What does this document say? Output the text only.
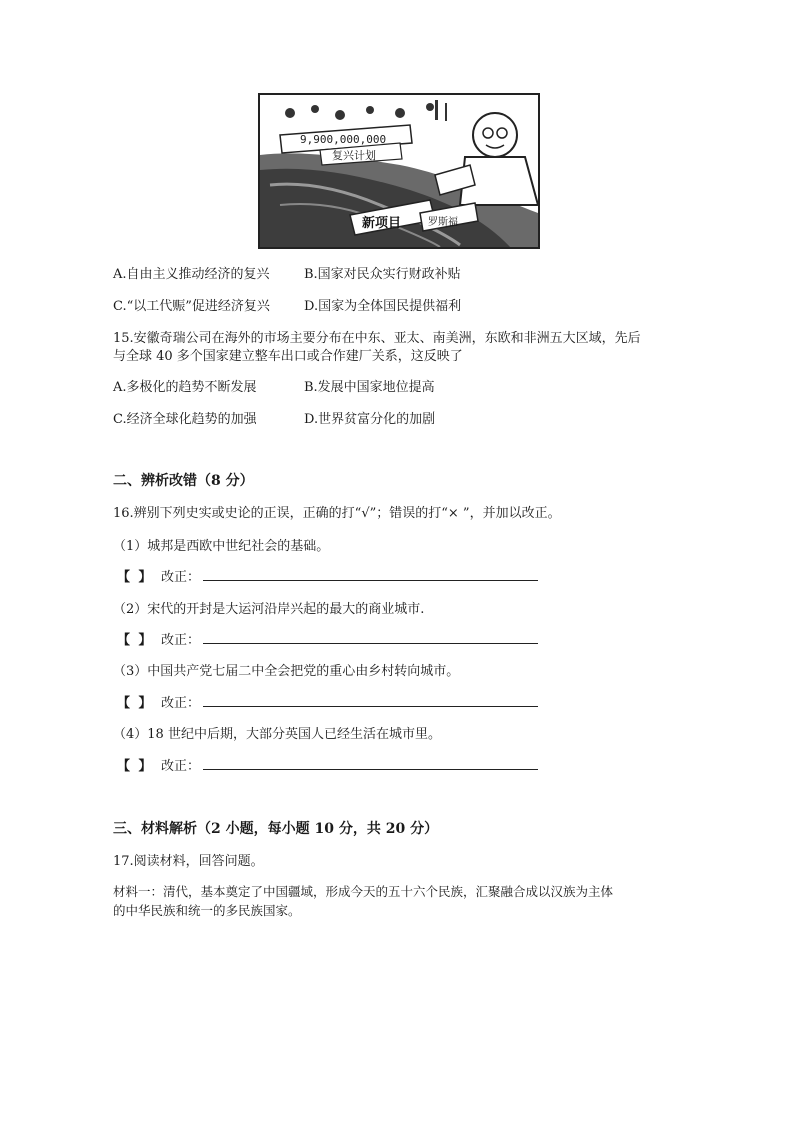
9,900,000,000
复兴计划
新项目	罗斯福
A.自由主义推动经济的复兴	B.国家对民众实行财政补贴
C.“以工代赈”促进经济复兴	D.国家为全体国民提供福利
15.安徽奇瑞公司在海外的市场主要分布在中东、亚太、南美洲，东欧和非洲五大区域，先后
与全球 40 多个国家建立整车出口或合作建厂关系，这反映了
A.多极化的趋势不断发展	B.发展中国家地位提高
C.经济全球化趋势的加强	D.世界贫富分化的加剧
二、辨析改错（8 分）
16.辨别下列史实或史论的正误，正确的打“√”；错误的打“× ”，并加以改正。
（1）城邦是西欧中世纪社会的基础。
【 】 改正：
（2）宋代的开封是大运河沿岸兴起的最大的商业城市.
【 】 改正：
（3）中国共产党七届二中全会把党的重心由乡村转向城市。
【 】 改正：
（4）18 世纪中后期，大部分英国人已经生活在城市里。
【 】 改正：
三、材料解析（2 小题，每小题 10 分，共 20 分）
17.阅读材料，回答问题。
材料一：清代，基本奠定了中国疆域，形成今天的五十六个民族，汇聚融合成以汉族为主体
的中华民族和统一的多民族国家。
